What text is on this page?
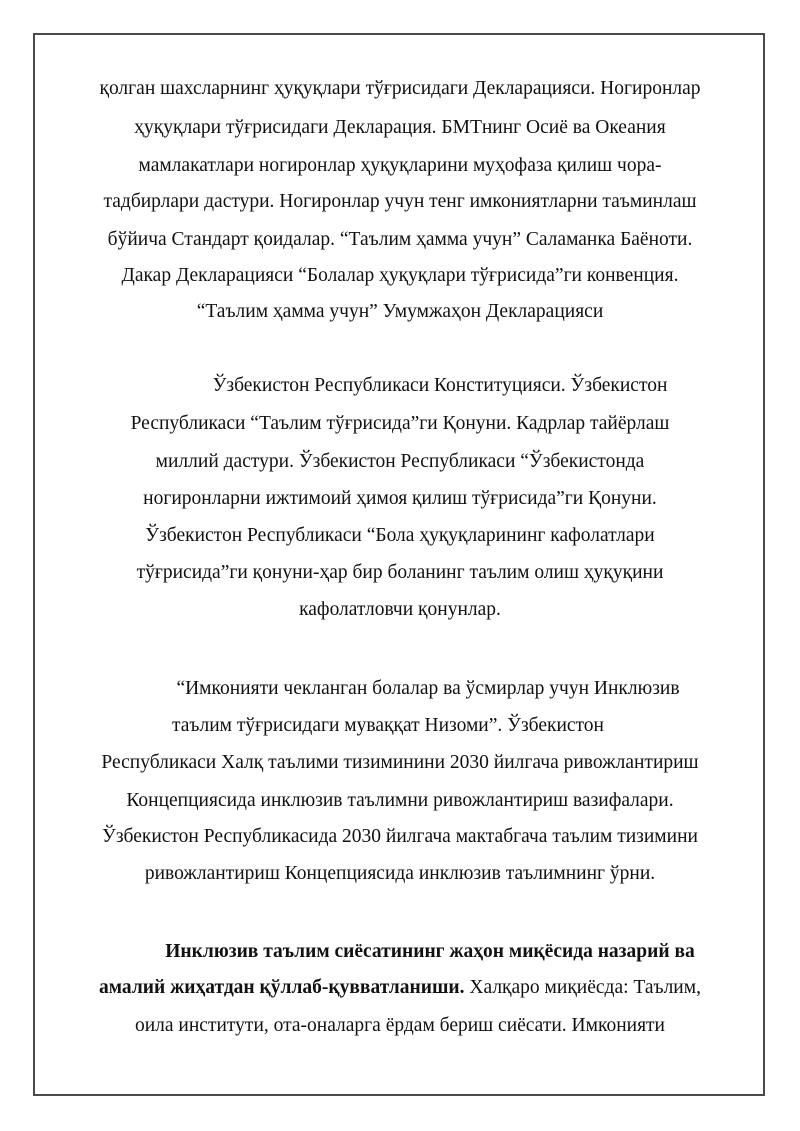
қолган шахсларнинг ҳуқуқлари тўғрисидаги Декларацияси. Ногиронлар
ҳуқуқлари тўғрисидаги Декларация. БМТнинг Осиё ва Океания
мамлакатлари ногиронлар ҳуқуқларини муҳофаза қилиш чора-
тадбирлари дастури. Ногиронлар учун тенг имкониятларни таъминлаш
бўйича Стандарт қоидалар. “Таълим ҳамма учун” Саламанка Баёноти.
Дакар Декларацияси “Болалар ҳуқуқлари тўғрисида”ги конвенция.
“Таълим ҳамма учун” Умумжаҳон Декларацияси
Ўзбекистон Республикаси Конституцияси. Ўзбекистон
Республикаси “Таълим тўғрисида”ги Қонуни. Кадрлар тайёрлаш
миллий дастури. Ўзбекистон Республикаси “Ўзбекистонда
ногиронларни ижтимоий ҳимоя қилиш тўғрисида”ги Қонуни.
Ўзбекистон Республикаси “Бола ҳуқуқларининг кафолатлари
тўғрисида”ги қонуни-ҳар бир боланинг таълим олиш ҳуқуқини
кафолатловчи қонунлар.
“Имконияти чекланган болалар ва ўсмирлар учун Инклюзив
таълим тўғрисидаги муваққат Низоми”. Ўзбекистон
Республикаси Халқ таълими тизиминини 2030 йилгача ривожлантириш
Концепциясида инклюзив таълимни ривожлантириш вазифалари.
Ўзбекистон Республикасида 2030 йилгача мактабгача таълим тизимини
ривожлантириш Концепциясида инклюзив таълимнинг ўрни.
Инклюзив таълим сиёсатининг жаҳон миқёсида назарий ва
амалий жиҳатдан қўллаб-қувватланиши. Халқаро миқиёсда: Таълим,
оила институти, ота-оналарга ёрдам бериш сиёсати. Имконияти
